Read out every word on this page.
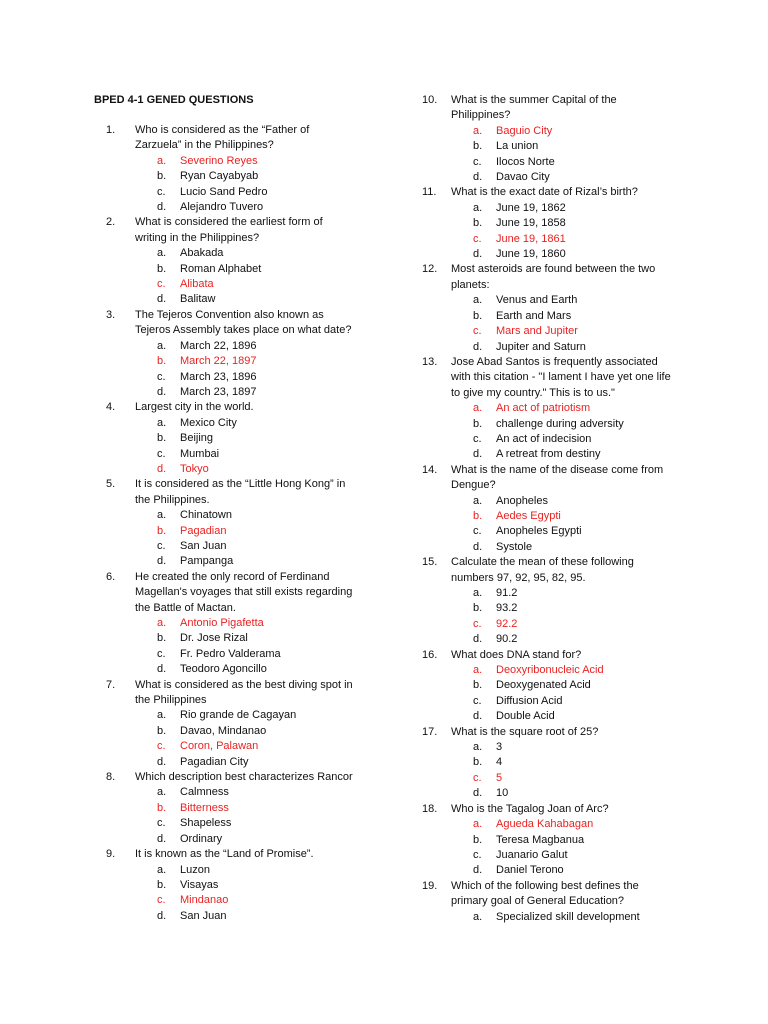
BPED 4-1 GENED QUESTIONS
1.	Who is considered as the “Father of
Zarzuela” in the Philippines?
a.	Severino Reyes
b.	Ryan Cayabyab
c.	Lucio Sand Pedro
d.	Alejandro Tuvero
2.	What is considered the earliest form of
writing in the Philippines?
a.	Abakada
b.	Roman Alphabet
c.	Alibata
d.	Balitaw
3.	The Tejeros Convention also known as
Tejeros Assembly takes place on what date?
a.	March 22, 1896
b.	March 22, 1897
c.	March 23, 1896
d.	March 23, 1897
4.	Largest city in the world.
a.	Mexico City
b.	Beijing
c.	Mumbai
d.	Tokyo
5.	It is considered as the “Little Hong Kong” in
the Philippines.
a.	Chinatown
b.	Pagadian
c.	San Juan
d.	Pampanga
6.	He created the only record of Ferdinand
Magellan's voyages that still exists regarding
the Battle of Mactan.
a.	Antonio Pigafetta
b.	Dr. Jose Rizal
c.	Fr. Pedro Valderama
d.	Teodoro Agoncillo
7.	What is considered as the best diving spot in
the Philippines
a.	Rio grande de Cagayan
b.	Davao, Mindanao
c.	Coron, Palawan
d.	Pagadian City
8.	Which description best characterizes Rancor
a.	Calmness
b.	Bitterness
c.	Shapeless
d.	Ordinary
9.	It is known as the “Land of Promise”.
a.	Luzon
b.	Visayas
c.	Mindanao
d.	San Juan
10.	What is the summer Capital of the
Philippines?
a.	Baguio City
b.	La union
c.	Ilocos Norte
d.	Davao City
11.	What is the exact date of Rizal’s birth?
a.	June 19, 1862
b.	June 19, 1858
c.	June 19, 1861
d.	June 19, 1860
12.	Most asteroids are found between the two
planets:
a.	Venus and Earth
b.	Earth and Mars
c.	Mars and Jupiter
d.	Jupiter and Saturn
13.	Jose Abad Santos is frequently associated
with this citation - "I lament I have yet one life
to give my country." This is to us."
a.	An act of patriotism
b.	challenge during adversity
c.	An act of indecision
d.	A retreat from destiny
14.	What is the name of the disease come from
Dengue?
a.	Anopheles
b.	Aedes Egypti
c.	Anopheles Egypti
d.	Systole
15.	Calculate the mean of these following
numbers 97, 92, 95, 82, 95.
a.	91.2
b.	93.2
c.	92.2
d.	90.2
16.	What does DNA stand for?
a.	Deoxyribonucleic Acid
b.	Deoxygenated Acid
c.	Diffusion Acid
d.	Double Acid
17.	What is the square root of 25?
a.	3
b.	4
c.	5
d.	10
18.	Who is the Tagalog Joan of Arc?
a.	Agueda Kahabagan
b.	Teresa Magbanua
c.	Juanario Galut
d.	Daniel Terono
19.	Which of the following best defines the
primary goal of General Education?
a.	Specialized skill development
